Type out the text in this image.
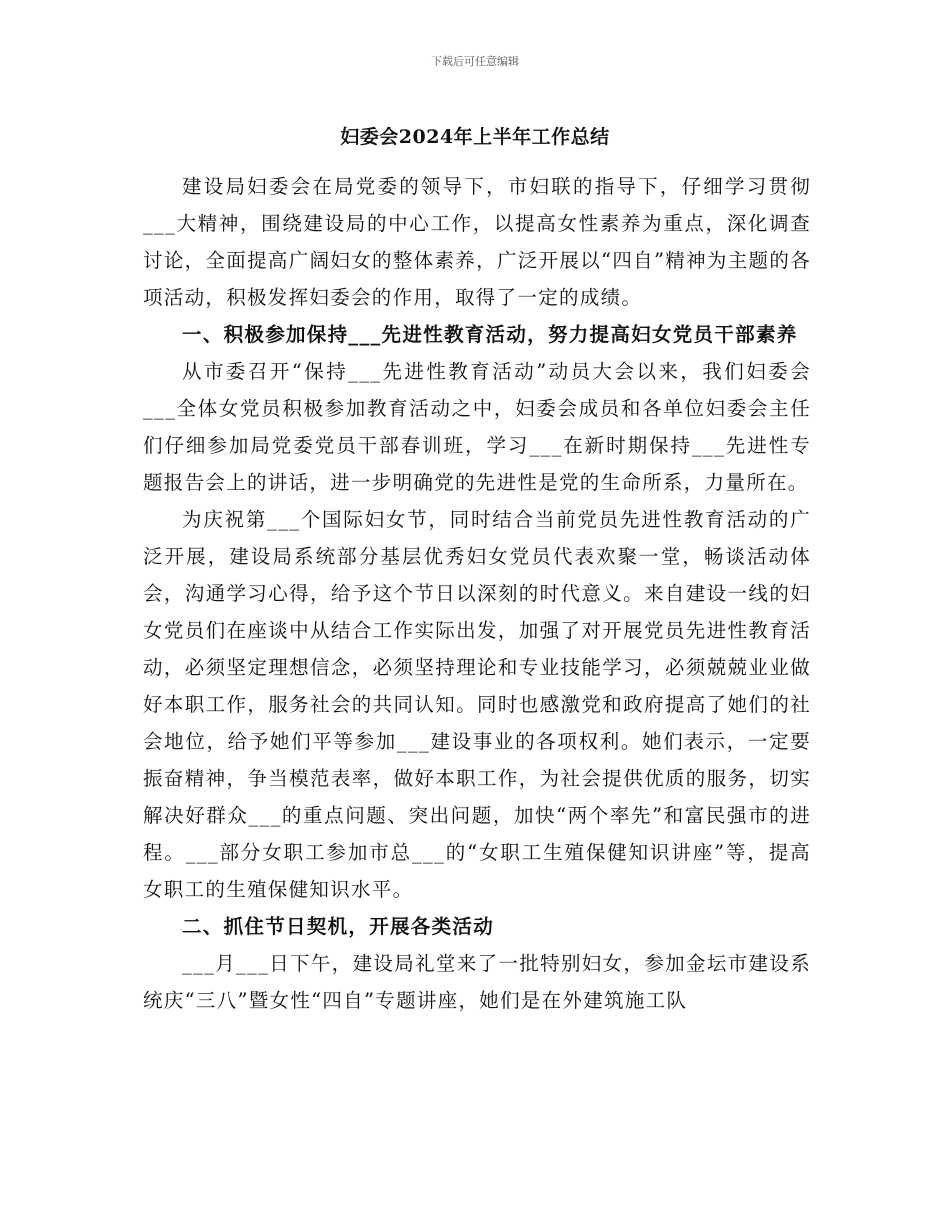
下载后可任意编辑
妇委会2024年上半年工作总结

建设局妇委会在局党委的领导下，市妇联的指导下，仔细学习贯彻___大精神，围绕建设局的中心工作，以提高女性素养为重点，深化调查讨论，全面提高广阔妇女的整体素养，广泛开展以“四自”精神为主题的各项活动，积极发挥妇委会的作用，取得了一定的成绩。

一、积极参加保持___先进性教育活动，努力提高妇女党员干部素养

从市委召开“保持___先进性教育活动”动员大会以来，我们妇委会___全体女党员积极参加教育活动之中，妇委会成员和各单位妇委会主任们仔细参加局党委党员干部春训班，学习___在新时期保持___先进性专题报告会上的讲话，进一步明确党的先进性是党的生命所系，力量所在。

为庆祝第___个国际妇女节，同时结合当前党员先进性教育活动的广泛开展，建设局系统部分基层优秀妇女党员代表欢聚一堂，畅谈活动体会，沟通学习心得，给予这个节日以深刻的时代意义。来自建设一线的妇女党员们在座谈中从结合工作实际出发，加强了对开展党员先进性教育活动，必须坚定理想信念，必须坚持理论和专业技能学习，必须兢兢业业做好本职工作，服务社会的共同认知。同时也感激党和政府提高了她们的社会地位，给予她们平等参加___建设事业的各项权利。她们表示，一定要振奋精神，争当模范表率，做好本职工作，为社会提供优质的服务，切实解决好群众___的重点问题、突出问题，加快“两个率先”和富民强市的进程。___部分女职工参加市总___的“女职工生殖保健知识讲座”等，提高女职工的生殖保健知识水平。

二、抓住节日契机，开展各类活动

___月___日下午，建设局礼堂来了一批特别妇女，参加金坛市建设系统庆“三八”暨女性“四自”专题讲座，她们是在外建筑施工队
